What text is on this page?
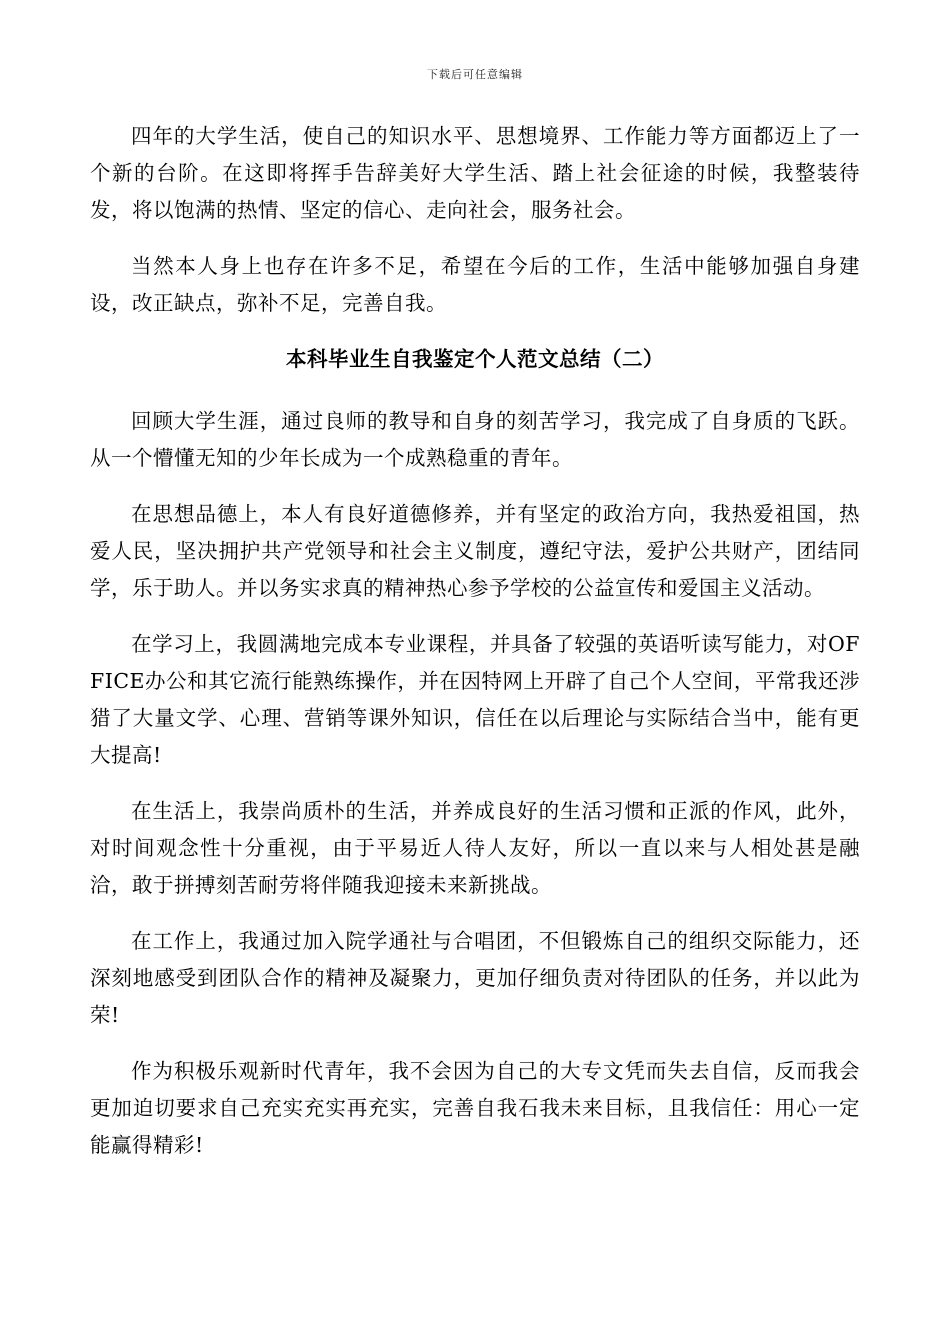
下载后可任意编辑

四年的大学生活，使自己的知识水平、思想境界、工作能力等方面都迈上了一个新的台阶。在这即将挥手告辞美好大学生活、踏上社会征途的时候，我整装待发，将以饱满的热情、坚定的信心、走向社会，服务社会。

当然本人身上也存在许多不足，希望在今后的工作，生活中能够加强自身建设，改正缺点，弥补不足，完善自我。

本科毕业生自我鉴定个人范文总结（二）

回顾大学生涯，通过良师的教导和自身的刻苦学习，我完成了自身质的飞跃。从一个懵懂无知的少年长成为一个成熟稳重的青年。

在思想品德上，本人有良好道德修养，并有坚定的政治方向，我热爱祖国，热爱人民，坚决拥护共产党领导和社会主义制度，遵纪守法，爱护公共财产，团结同学，乐于助人。并以务实求真的精神热心参予学校的公益宣传和爱国主义活动。

在学习上，我圆满地完成本专业课程，并具备了较强的英语听读写能力，对OFFICE办公和其它流行能熟练操作，并在因特网上开辟了自己个人空间，平常我还涉猎了大量文学、心理、营销等课外知识，信任在以后理论与实际结合当中，能有更大提高!

在生活上，我崇尚质朴的生活，并养成良好的生活习惯和正派的作风，此外，对时间观念性十分重视，由于平易近人待人友好，所以一直以来与人相处甚是融洽，敢于拼搏刻苦耐劳将伴随我迎接未来新挑战。

在工作上，我通过加入院学通社与合唱团，不但锻炼自己的组织交际能力，还深刻地感受到团队合作的精神及凝聚力，更加仔细负责对待团队的任务，并以此为荣!

作为积极乐观新时代青年，我不会因为自己的大专文凭而失去自信，反而我会更加迫切要求自己充实充实再充实，完善自我石我未来目标，且我信任：用心一定能赢得精彩!
